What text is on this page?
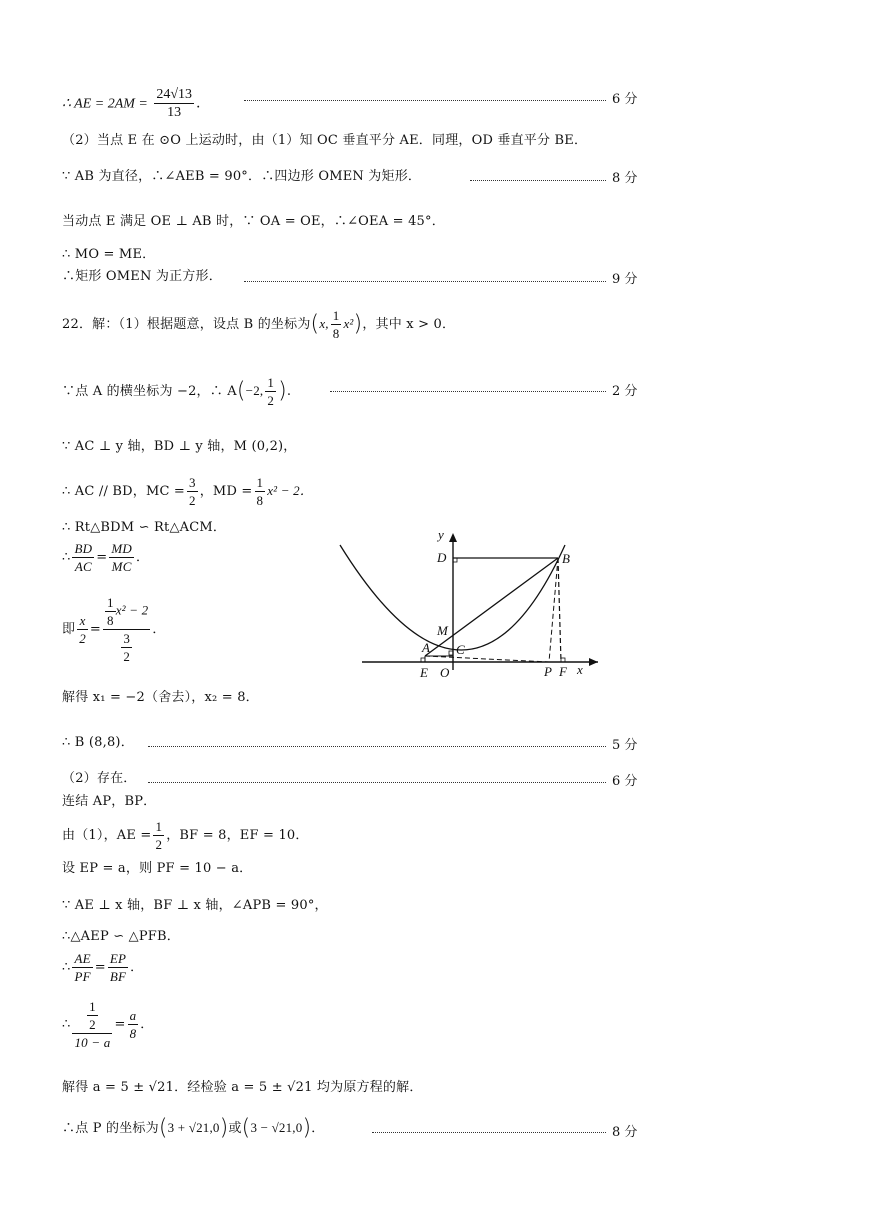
∴ AE = $2AM = \frac{24√13}{13}$ .	6 分
（2）当点 E 在 ⊙O 上运动时，由（1）知 OC 垂直平分 AE．同理，OD 垂直平分 BE．
∵ AB 为直径，∴∠AEB = 90°．∴四边形 OMEN 为矩形．	8 分
当动点 E 满足 OE ⊥ AB 时，∵ OA = OE，∴∠OEA = 45°．
∴ MO = ME．
∴矩形 OMEN 为正方形．	9 分
22．解：（1）根据题意，设点 B 的坐标为(x, $\frac{1}{8} x^2$)，其中 x > 0．
∵点 A 的横坐标为 −2，∴ A(−2, $\frac{1}{2}$ ).	2 分
∵ AC ⊥ y 轴，BD ⊥ y 轴，M (0,2)，
∴ AC // BD，MC = $\frac{3}{2}$ ，MD = $\frac{1}{8} x^2 - 2$．
∴ Rt△BDM ∽ Rt△ACM．
∴ $\frac{BD}{AC} = \frac{MD}{MC}$ ．
即 $\frac{x}{2} = \frac{\frac{1}{8} x^2 - 2}{\frac{3}{2}}$ ．
解得 x₁ = −2（舍去），x₂ = 8．
∴ B (8,8)．	5 分
（2）存在．	6 分
连结 AP，BP．
由（1），AE = $\frac{1}{2}$ ，BF = 8，EF = 10．
设 EP = a，则 PF = 10 − a．
∵ AE ⊥ x 轴，BF ⊥ x 轴，∠APB = 90°，
∴△AEP ∽ △PFB．
∴ $\frac{AE}{PF} = \frac{EP}{BF}$ ．
∴ $\frac{\frac{1}{2}}{10 - a} = \frac{a}{8}$ ．
解得 a = 5 ± √21．经检验 a = 5 ± √21 均为原方程的解．
∴点 P 的坐标为(3 + √21,0)或(3 − √21,0)．	8 分
y
D	B
M
A C
E O	P F x
